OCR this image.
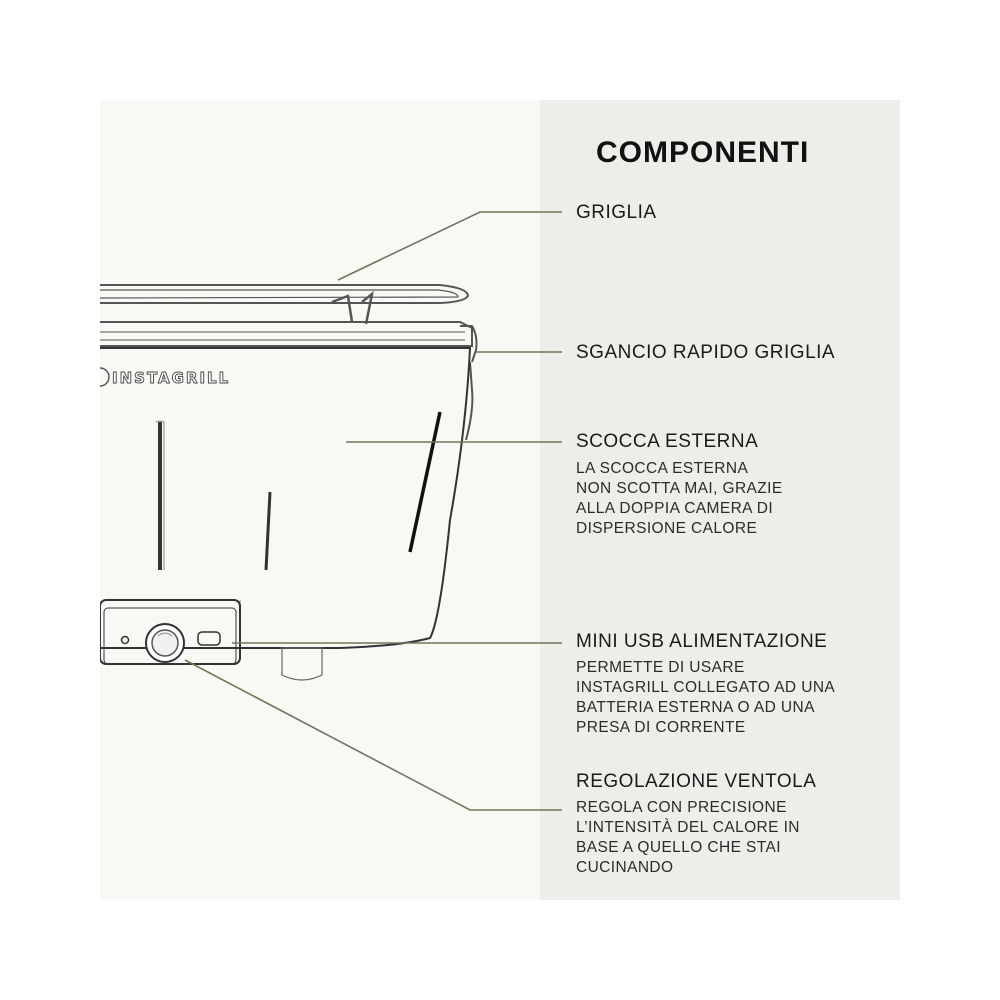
INSTAGRILL
COMPONENTI
GRIGLIA
SGANCIO RAPIDO GRIGLIA
SCOCCA ESTERNA
LA SCOCCA ESTERNA
NON SCOTTA MAI, GRAZIE
ALLA DOPPIA CAMERA DI
DISPERSIONE CALORE
MINI USB ALIMENTAZIONE
PERMETTE DI USARE
INSTAGRILL COLLEGATO AD UNA
BATTERIA ESTERNA O AD UNA
PRESA DI CORRENTE
REGOLAZIONE VENTOLA
REGOLA CON PRECISIONE
L’INTENSITÀ DEL CALORE IN
BASE A QUELLO CHE STAI
CUCINANDO
